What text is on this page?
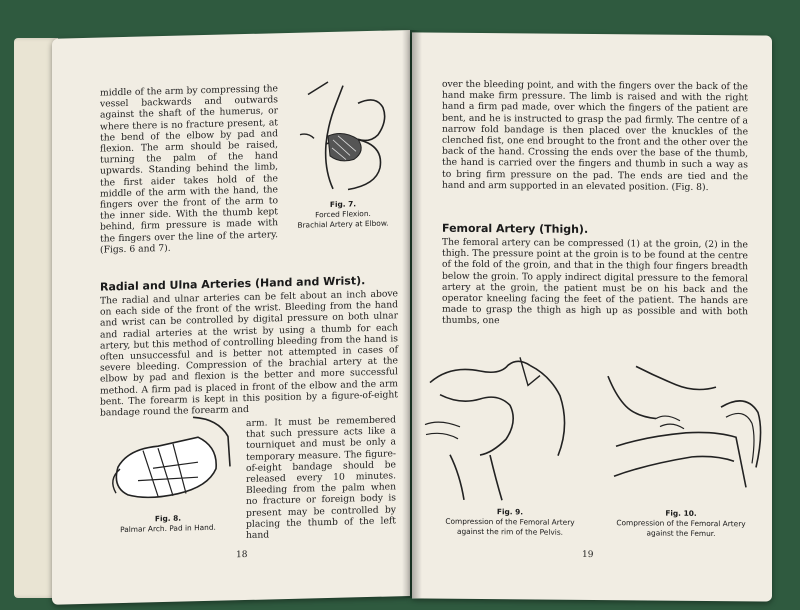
middle of the arm by compressing the vessel backwards and outwards against the shaft of the humerus, or where there is no fracture present, at the bend of the elbow by pad and flexion. The arm should be raised, turning the palm of the hand upwards. Standing behind the limb, the first aider takes hold of the middle of the arm with the hand, the fingers over the front of the arm to the inner side. With the thumb kept behind, firm pressure is made with the fingers over the line of the artery. (Figs. 6 and 7).
Fig. 7.
Forced Flexion.
Brachial Artery at Elbow.
Radial and Ulna Arteries (Hand and Wrist).
The radial and ulnar arteries can be felt about an inch above on each side of the front of the wrist. Bleeding from the hand and wrist can be controlled by digital pressure on both ulnar and radial arteries at the wrist by using a thumb for each artery, but this method of controlling bleeding from the hand is often unsuccessful and is better not attempted in cases of severe bleeding. Compression of the brachial artery at the elbow by pad and flexion is the better and more successful method. A firm pad is placed in front of the elbow and the arm bent. The forearm is kept in this position by a figure-of-eight bandage round the forearm and
Fig. 8.
Palmar Arch. Pad in Hand.
arm. It must be remembered that such pressure acts like a tourniquet and must be only a temporary measure. The figure-of-eight bandage should be released every 10 minutes. Bleeding from the palm when no fracture or foreign body is present may be controlled by placing the thumb of the left hand
18
over the bleeding point, and with the fingers over the back of the hand make firm pressure. The limb is raised and with the right hand a firm pad made, over which the fingers of the patient are bent, and he is instructed to grasp the pad firmly. The centre of a narrow fold bandage is then placed over the knuckles of the clenched fist, one end brought to the front and the other over the back of the hand. Crossing the ends over the base of the thumb, the hand is carried over the fingers and thumb in such a way as to bring firm pressure on the pad. The ends are tied and the hand and arm supported in an elevated position. (Fig. 8).
Femoral Artery (Thigh).
The femoral artery can be compressed (1) at the groin, (2) in the thigh. The pressure point at the groin is to be found at the centre of the fold of the groin, and that in the thigh four fingers breadth below the groin. To apply indirect digital pressure to the femoral artery at the groin, the patient must be on his back and the operator kneeling facing the feet of the patient. The hands are made to grasp the thigh as high up as possible and with both thumbs, one
Fig. 9.
Compression of the Femoral Artery
against the rim of the Pelvis.
Fig. 10.
Compression of the Femoral Artery
against the Femur.
19
